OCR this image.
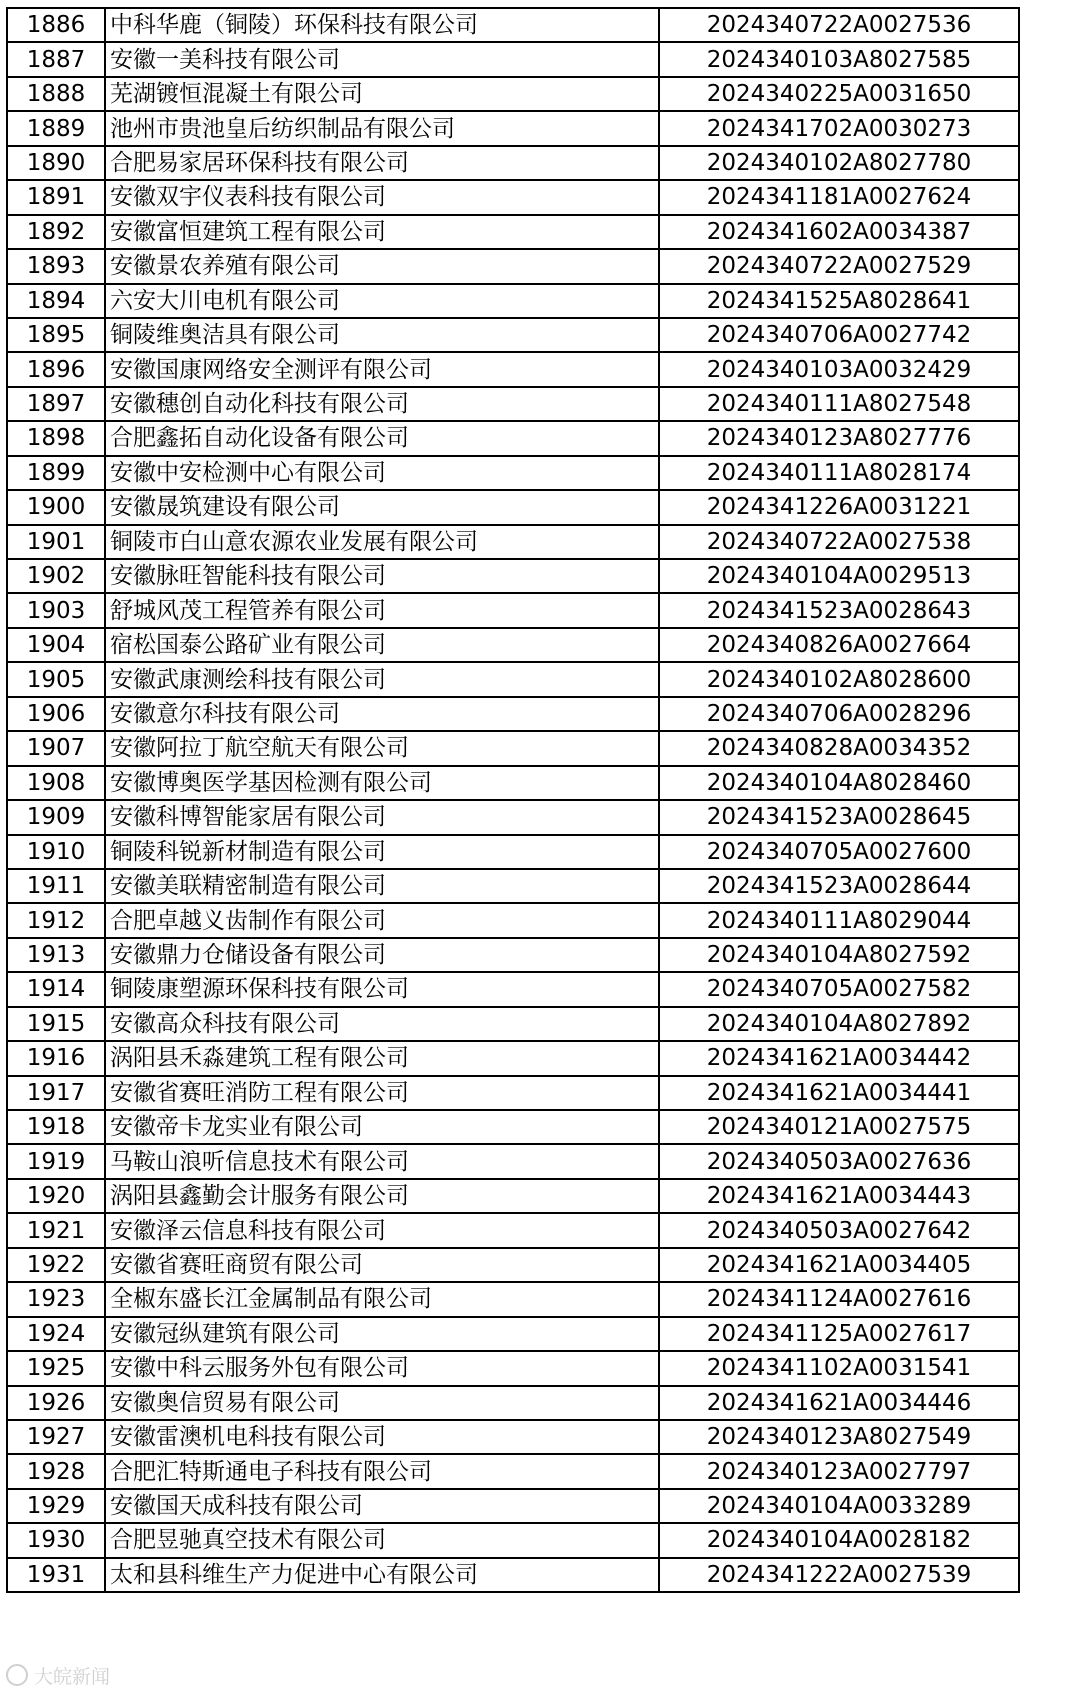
1886	中科华鹿（铜陵）环保科技有限公司	2024340722A0027536
1887	安徽一美科技有限公司	2024340103A8027585
1888	芜湖镀恒混凝土有限公司	2024340225A0031650
1889	池州市贵池皇后纺织制品有限公司	2024341702A0030273
1890	合肥易家居环保科技有限公司	2024340102A8027780
1891	安徽双宇仪表科技有限公司	2024341181A0027624
1892	安徽富恒建筑工程有限公司	2024341602A0034387
1893	安徽景农养殖有限公司	2024340722A0027529
1894	六安大川电机有限公司	2024341525A8028641
1895	铜陵维奥洁具有限公司	2024340706A0027742
1896	安徽国康网络安全测评有限公司	2024340103A0032429
1897	安徽穗创自动化科技有限公司	2024340111A8027548
1898	合肥鑫拓自动化设备有限公司	2024340123A8027776
1899	安徽中安检测中心有限公司	2024340111A8028174
1900	安徽晟筑建设有限公司	2024341226A0031221
1901	铜陵市白山意农源农业发展有限公司	2024340722A0027538
1902	安徽脉旺智能科技有限公司	2024340104A0029513
1903	舒城风茂工程管养有限公司	2024341523A0028643
1904	宿松国泰公路矿业有限公司	2024340826A0027664
1905	安徽武康测绘科技有限公司	2024340102A8028600
1906	安徽意尔科技有限公司	2024340706A0028296
1907	安徽阿拉丁航空航天有限公司	2024340828A0034352
1908	安徽博奥医学基因检测有限公司	2024340104A8028460
1909	安徽科博智能家居有限公司	2024341523A0028645
1910	铜陵科锐新材制造有限公司	2024340705A0027600
1911	安徽美联精密制造有限公司	2024341523A0028644
1912	合肥卓越义齿制作有限公司	2024340111A8029044
1913	安徽鼎力仓储设备有限公司	2024340104A8027592
1914	铜陵康塑源环保科技有限公司	2024340705A0027582
1915	安徽高众科技有限公司	2024340104A8027892
1916	涡阳县禾淼建筑工程有限公司	2024341621A0034442
1917	安徽省赛旺消防工程有限公司	2024341621A0034441
1918	安徽帝卡龙实业有限公司	2024340121A0027575
1919	马鞍山浪听信息技术有限公司	2024340503A0027636
1920	涡阳县鑫勤会计服务有限公司	2024341621A0034443
1921	安徽泽云信息科技有限公司	2024340503A0027642
1922	安徽省赛旺商贸有限公司	2024341621A0034405
1923	全椒东盛长江金属制品有限公司	2024341124A0027616
1924	安徽冠纵建筑有限公司	2024341125A0027617
1925	安徽中科云服务外包有限公司	2024341102A0031541
1926	安徽奥信贸易有限公司	2024341621A0034446
1927	安徽雷澳机电科技有限公司	2024340123A8027549
1928	合肥汇特斯通电子科技有限公司	2024340123A0027797
1929	安徽国天成科技有限公司	2024340104A0033289
1930	合肥昱驰真空技术有限公司	2024340104A0028182
1931	太和县科维生产力促进中心有限公司	2024341222A0027539
大皖新闻
